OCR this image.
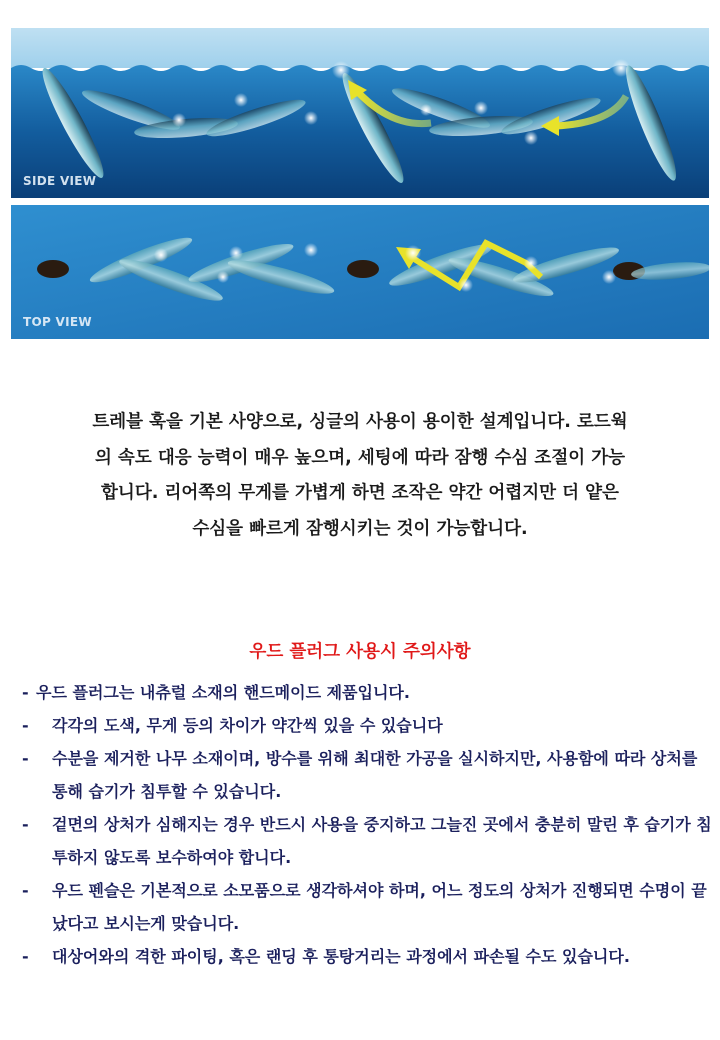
SIDE VIEW
TOP VIEW

트레블 훅을 기본 사양으로, 싱글의 사용이 용이한 설계입니다. 로드웍

의 속도 대응 능력이 매우 높으며, 세팅에 따라 잠행 수심 조절이 가능

합니다. 리어쪽의 무게를 가볍게 하면 조작은 약간 어렵지만 더 얕은

수심을 빠르게 잠행시키는 것이 가능합니다.

우드 플러그 사용시 주의사항
- 우드 플러그는 내츄럴 소재의 핸드메이드 제품입니다.
-	각각의 도색, 무게 등의 차이가 약간씩 있을 수 있습니다
-	수분을 제거한 나무 소재이며, 방수를 위해 최대한 가공을 실시하지만, 사용함에 따라 상처를 통해 습기가 침투할 수 있습니다.
-	겉면의 상처가 심해지는 경우 반드시 사용을 중지하고 그늘진 곳에서 충분히 말린 후 습기가 침투하지 않도록 보수하여야 합니다.
-	우드 펜슬은 기본적으로 소모품으로 생각하셔야 하며, 어느 정도의 상처가 진행되면 수명이 끝났다고 보시는게 맞습니다.
-	대상어와의 격한 파이팅, 혹은 랜딩 후 통탕거리는 과정에서 파손될 수도 있습니다.
